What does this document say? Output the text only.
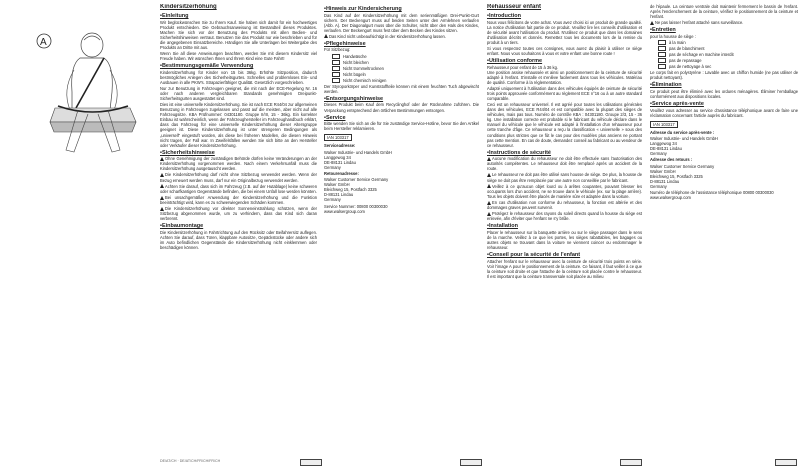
A
Kindersitzerhöhung
• Einleitung

Wir beglückwünschen Sie zu Ihrem Kauf. Sie haben sich damit für ein hochwertiges Produkt entschieden. Die Gebrauchsanweisung ist Bestandteil dieses Produktes. Machen Sie sich vor der Benutzung des Produkts mit allen Bedien- und Sicherheitshinweisen vertraut. Benutzen Sie das Produkt nur wie beschrieben und für die angegebenen Einsatzbereiche. Händigen Sie alle Unterlagen bei Weitergabe des Produkts an Dritte mit aus.

Wenn Sie all diese Anweisungen beachten, werden Sie mit diesem Kindersitz viel Freude haben. Wir wünschen Ihnen und Ihrem Kind eine Gute Fahrt!

• Bestimmungsgemäße Verwendung

Kindersitzerhöhung für Kinder von 15 bis 36kg. Erhöhte Sitzposition, dadurch bestmögliches Anlegen des Sicherheitsgurtes. Schnelles und problemloses Ein- und Ausbauen in alle PKW's. Strapazierfähiger Qualität. Gesetzlich vorgeschrieben.

Nur zur Benutzung in Fahrzeugen geeignet, die mit nach der ECE-Regelung Nr. 16 oder nach anderen vergleichbaren Standards genehmigten Dreipunkt-Sicherheitsgurten ausgestattet sind.

Dies ist eine universelle Kindersitzerhöhung. Sie ist nach ECE R44/04 zur allgemeinen Benutzung in Fahrzeugen zugelassen und passt auf die meisten, aber nicht auf alle Fahrzeugsitze. KBA Prüfnummer: 04301180. Gruppe II/III, 15 - 36kg. Ein korrekter Einbau ist wahrscheinlich, wenn der Fahrzeughersteller im Fahrzeughandbuch erklärt, dass das Fahrzeug für eine universelle Kindersitzerhöhung dieser Altersgruppe geeignet ist. Diese Kindersitzerhöhung ist unter strengeren Bedingungen als „universell“ eingestuft worden, als diese bei früheren Modellen, die diesen Hinweis nicht tragen, der Fall war. In Zweifelsfällen wenden Sie sich bitte an den Hersteller oder Verkäufer dieser Kindersitzerhöhung.

• Sicherheitshinweise

Ohne Genehmigung der zuständigen Behörde dürfen keine Veränderungen an der Kindersitzerhöhung vorgenommen werden. Nach einem Verkehrsunfall muss die Kindersitzerhöhung ausgetauscht werden.

Die Kindersitzerhöhung darf nicht ohne Sitzbezug verwendet werden. Wenn der Bezug erneuert werden muss, darf nur ein Originalbezug verwendet werden.

Achten Sie darauf, dass sich im Fahrzeug (z.B. auf der Hutablage) keine schweren oder scharfkantigen Gegenstände befinden, die bei einem Unfall lose werden könnten.

Bei unsachgemäßer Anwendung der Kindersitzerhöhung und die Funktion beeinträchtigt wird, kann es zu schwerwiegenden Schäden kommen.

Die Kindersitzerhöhung vor direkter Sonneneinstrahlung schützen, wenn der Sitzbezug abgenommen wurde, um zu verhindern, dass das Kind sich daran verbrennt.

• Einbaumontage

Die Kindersitzerhöhung in Fahrtrichtung auf den Rücksitz oder Beifahrersitz auflegen. Achten Sie darauf, dass Türen, klappbare Autositze, Gepäckstücke oder andere sich im Auto befindlichen Gegenstände die Kindersitzerhöhung nicht einklemmen oder beschädigen können.

• Hinweis zur Kindersicherung

Das Kind auf der Kindersitzerhöhung mit dem serienmäßigen Drei-Punkt-Gurt sichern. Der Beckengurt muss auf beiden Seiten unter den Armlehnen verlaufen (Abb. A). Der Diagonalgurt muss über die Schulter, nicht über den Hals des Kindes, verlaufen. Der Beckengurt muss fest über dem Becken des Kindes sitzen.

Das Kind nicht unbeaufsichtigt in der Kindersitzerhöhung lassen.

• Pflegehinweise

Für Sitzbezug:

Handwäsche
Nicht bleichen
Nicht trommeltrocknen
Nicht bügeln
Nicht chemisch reinigen

Der Styroporkörper und Kunststoffteile können mit einem feuchten Tuch abgewischt werden.

• Entsorgungshinweise

Dieses Produkt beim Kauf dem Recyclinghof oder der Rücknahme zuführen. Die Verpackung entsprechend den örtlichen Bestimmungen entsorgen.

• Service

Bitte wenden Sie sich an die für Sie zuständige Service-Hotline, bevor Sie den Artikel beim Hersteller reklamieren.

IAN 103317

Serviceadresse:

Walser Industrie- und Handels GmbH

Langgewog 34

DE-88131 Lindau

Germany

Retourenadresse:

Walser Customer Service Germany

Walser GmbH

Bleichweg 15, Postfach 3325

D-88131 Lindau

Germany

Service Nummer: 00800 00300030

www.walsergroup.com

Rehausseur enfant
• Introduction

Nous vous félicitons de votre achat. Vous avez choisi ici un produit de grande qualité. La notice d'utilisation fait partie de ce produit. Veuillez lire les conseils d'utilisation et de sécurité avant l'utilisation du produit. N'utilisez ce produit que dans les domaines d'utilisation décrits et donnés. Remettez tous les documents lors de la remise du produit à un tiers.

Si vous respectez toutes ces consignes, vous aurez du plaisir à utiliser ce siège enfant. Nous vous souhaitons à vous et votre enfant une bonne route !

• Utilisation conforme

Rehausseur pour enfant de 15 à 36 kg.

Une position assise rehaussée et ainsi un positionnement de la ceinture de sécurité adapté à l'enfant. S'installe et s'enlève facilement dans tous les véhicules. Matériau de qualité. Conforme à la réglementation.

Adapté uniquement à l'utilisation dans des véhicules équipés de ceinture de sécurité trois points approuvée conformément au règlement ECE n°16 ou à un autre standard comparable.

Ceci est un rehausseur universel. Il est agréé pour toutes les utilisations générales dans des véhicules, ECE R44/04 et est compatible avec la plupart des sièges de véhicules, mais pas tous. Numéro de contrôle KBA : 04301180. Groupe 2/3, 15 - 36 kg. Une installation correcte est probable si le fabricant du véhicule déclare dans le manuel du véhicule que le véhicule est adapté à l'installation d'un rehausseur pour cette tranche d'âge. Ce rehausseur a reçu la classification « universelle » sous des conditions plus strictes que ce fût le cas pour des modèles plus anciens ne portant pas cette mention. En cas de doute, demandez conseil au fabricant ou au vendeur de ce rehausseur.

• Instructions de sécurité

Aucune modification du rehausseur ne doit être effectuée sans l'autorisation des autorités compétentes. Le rehausseur doit être remplacé après un accident de la route.

Le rehausseur ne doit pas être utilisé sans housse de siège. De plus, la housse de siège ne doit pas être remplacée par une autre non conseillée par le fabricant.

Veillez à ce qu'aucun objet lourd ou à arêtes coupantes, pouvant blesser les occupants lors d'un accident, ne se trouve dans le véhicule (ex. sur la plage arrière). Tous les objets doivent être placés de manière sûre et adaptée dans la voiture.

En cas d'utilisation non conforme du rehausseur, la fonction est altérée et des dommages graves peuvent survenir.

Protégez le rehausseur des rayons du soleil directs quand la housse du siège est enlevée, afin d'éviter que l'enfant ne s'y brûle.

• Installation

Placer le rehausseur sur la banquette arrière ou sur le siège passager dans le sens de la marche. Veillez à ce que les portes, les sièges rabattables, les bagages ou autres objets se trouvant dans la voiture ne viennent coincer ou endommager le rehausseur.

• Conseil pour la sécurité de l'enfant

Attacher l'enfant sur le rehausseur avec la ceinture de sécurité trois points en série. Voir l'image A pour le positionnement de la ceinture. Ce faisant, il faut veiller à ce que la ceinture soit droite et que l'attache de la ceinture soit placée contre le rehausseur. Il est important que la ceinture transversale soit placée au milieu

de l'épaule. La ceinture ventrale doit maintenir fermement le bassin de l'enfant. Après l'enclenchement de la ceinture, vérifiez le positionnement de la ceinture et l'enfant.

Ne pas laisser l'enfant attaché sans surveillance.

• Entretien

pour la housse de siège :

à la main
pas de blanchiment
pas de séchage en machine interdit
pas de repassage
pas de nettoyage à sec

Le corps fait en polystyrène : Lavable avec un chiffon humide (ne pas utiliser de produit nettoyant).

• Élimination

Ce produit peut être éliminé avec les ordures ménagères. Éliminer l'emballage conformément aux dispositions locales.

• Service après-vente

Veuillez vous adresser au service d'assistance téléphonique avant de faire une réclamation concernant l'article auprès du fabricant.

IAN 103317

Adresse du service après-vente :

Walser Industrie- und Handels GmbH

Langgewog 34

DE-88131 Lindau

Germany

Adresse des retours :

Walser Customer Service Germany

Walser GmbH

Bleichweg 15, Postfach 3325

D-88131 Lindau

Germany

Numéro de téléphone de l'assistance téléphonique 00800 00300030

www.walsergroup.com

DE/AT/CH · DE/AT/CH/FR/CH/FR/CH
